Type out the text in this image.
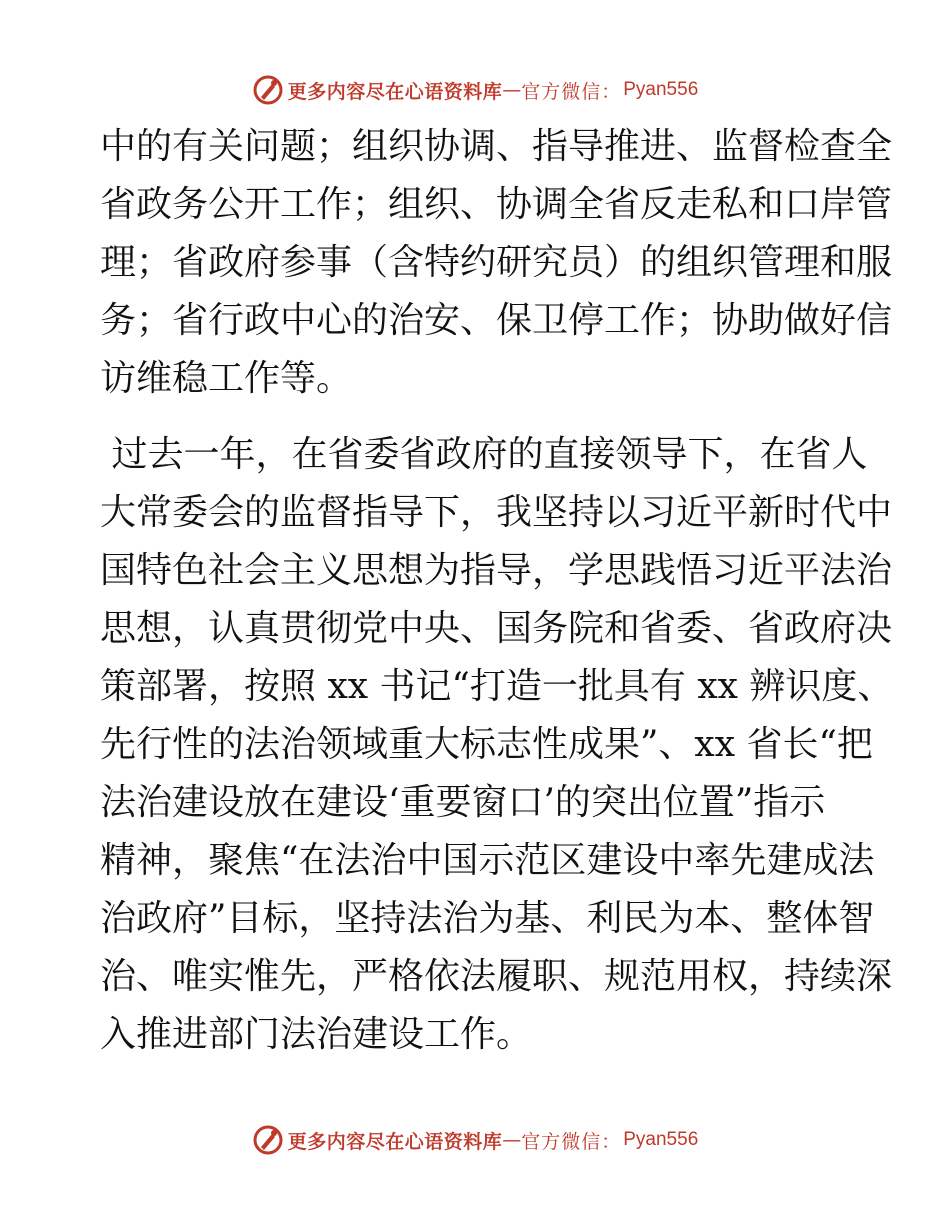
更多内容尽在心语资料库 — 官方微信： Pyan556
中的有关问题；组织协调、指导推进、监督检查全
省政务公开工作；组织、协调全省反走私和口岸管
理；省政府参事（含特约研究员）的组织管理和服
务；省行政中心的治安、保卫停工作；协助做好信
访维稳工作等。
过去一年，在省委省政府的直接领导下，在省人
大常委会的监督指导下，我坚持以习近平新时代中
国特色社会主义思想为指导，学思践悟习近平法治
思想，认真贯彻党中央、国务院和省委、省政府决
策部署，按照 xx 书记“打造一批具有 xx 辨识度、
先行性的法治领域重大标志性成果”、xx 省长“把
法治建设放在建设‘重要窗口’的突出位置”指示
精神，聚焦“在法治中国示范区建设中率先建成法
治政府”目标，坚持法治为基、利民为本、整体智
治、唯实惟先，严格依法履职、规范用权，持续深
入推进部门法治建设工作。
更多内容尽在心语资料库 — 官方微信： Pyan556
